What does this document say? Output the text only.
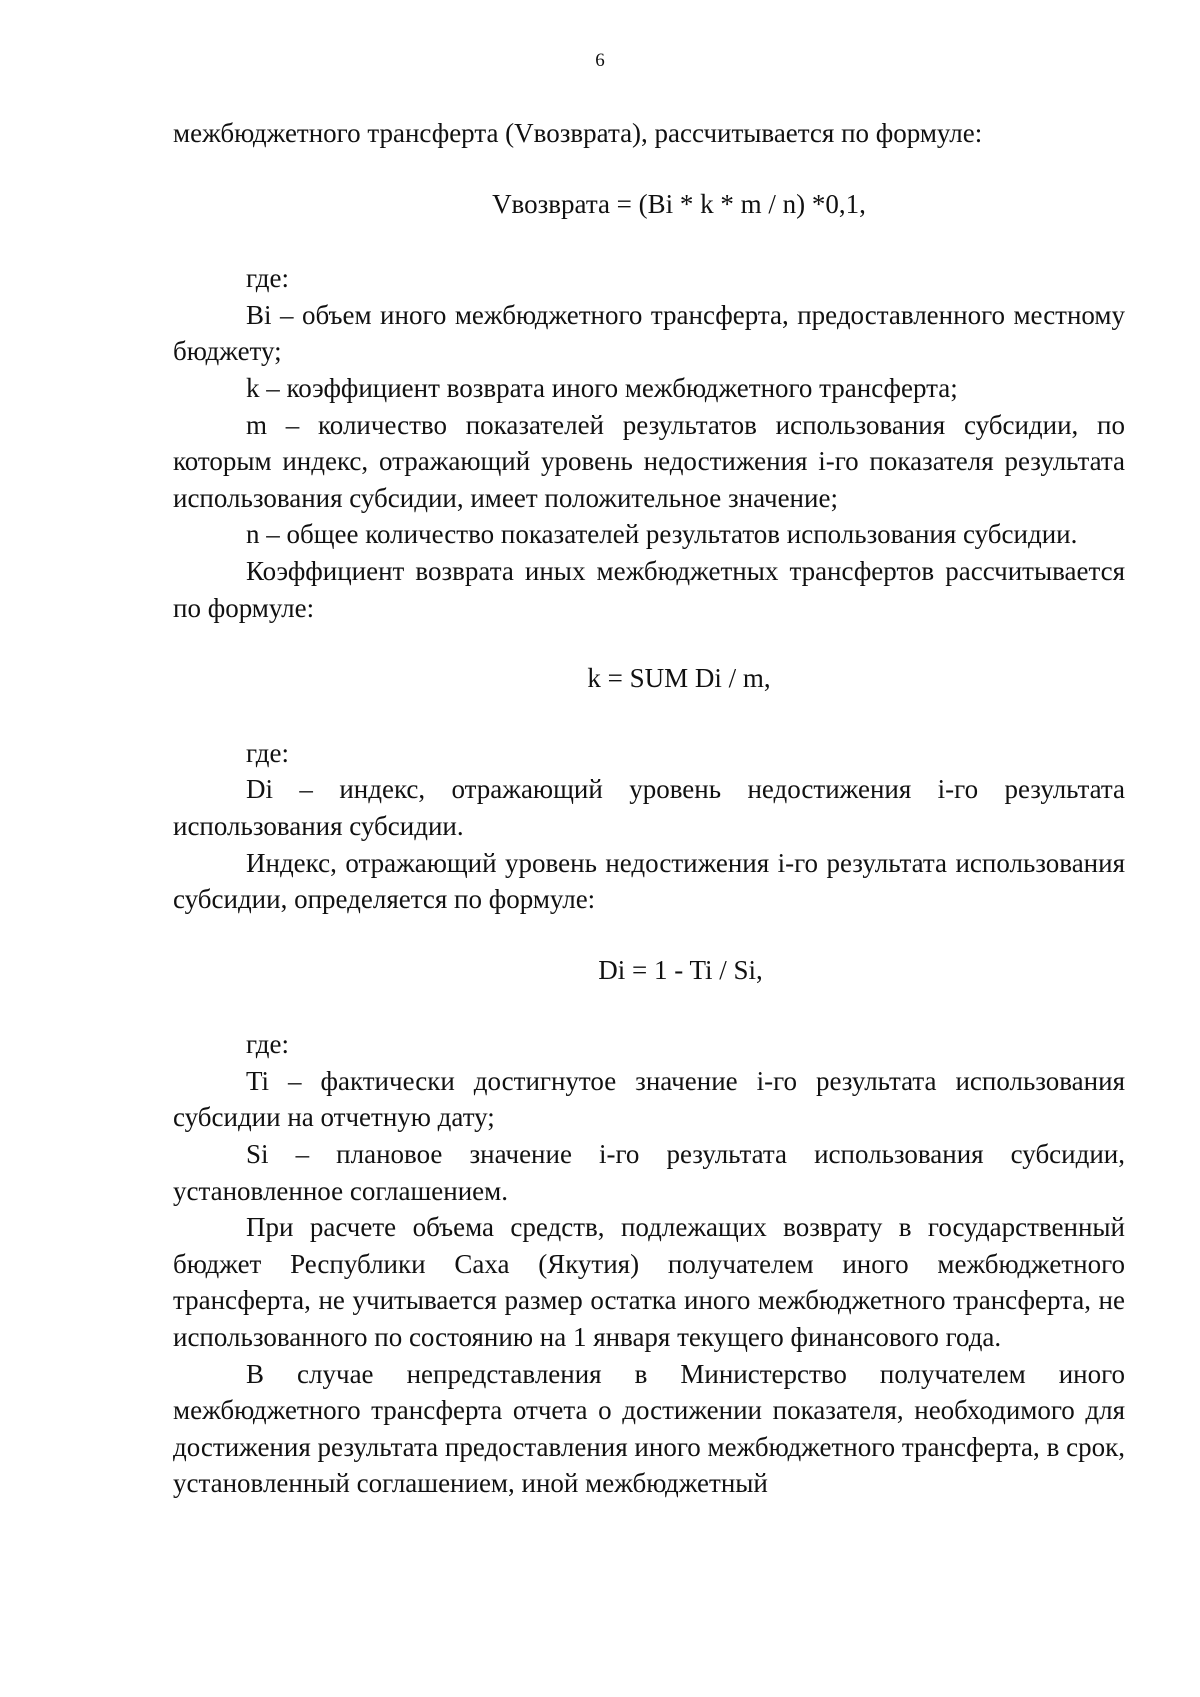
6

межбюджетного трансферта (Vвозврата), рассчитывается по формуле:

Vвозврата = (Bi * k * m / n) *0,1,

где:

Bi – объем иного межбюджетного трансферта, предоставленного местному бюджету;

k – коэффициент возврата иного межбюджетного трансферта;

m – количество показателей результатов использования субсидии, по которым индекс, отражающий уровень недостижения i-го показателя результата использования субсидии, имеет положительное значение;

n – общее количество показателей результатов использования субсидии.

Коэффициент возврата иных межбюджетных трансфертов рассчитывается по формуле:

k = SUM Di / m,

где:

Di – индекс, отражающий уровень недостижения i-го результата использования субсидии.

Индекс, отражающий уровень недостижения i-го результата использования субсидии, определяется по формуле:

Di = 1 - Ti / Si,

где:

Ti – фактически достигнутое значение i-го результата использования субсидии на отчетную дату;

Si – плановое значение i-го результата использования субсидии, установленное соглашением.

При расчете объема средств, подлежащих возврату в государственный бюджет Республики Саха (Якутия) получателем иного межбюджетного трансферта, не учитывается размер остатка иного межбюджетного трансферта, не использованного по состоянию на 1 января текущего финансового года.

В случае непредставления в Министерство получателем иного межбюджетного трансферта отчета о достижении показателя, необходимого для достижения результата предоставления иного межбюджетного трансферта, в срок, установленный соглашением, иной межбюджетный
